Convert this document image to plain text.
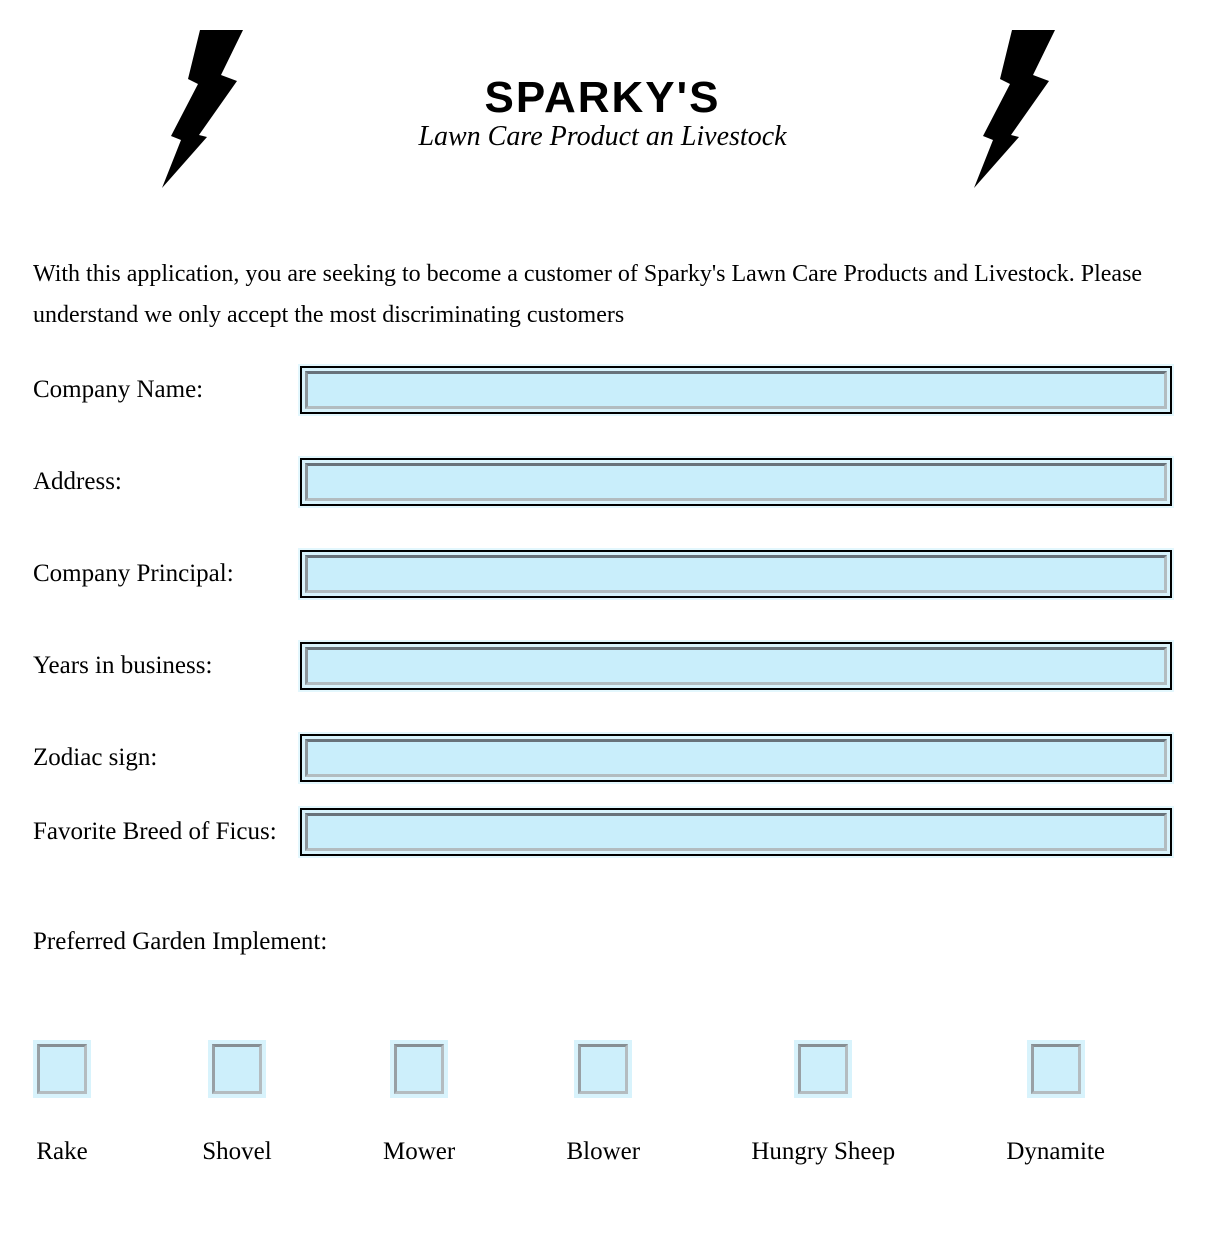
SPARKY'S
Lawn Care Product an Livestock
With this application, you are seeking to become a customer of Sparky's Lawn Care Products and Livestock. Please understand we only accept the most discriminating customers
Company Name:
Address:
Company Principal:
Years in business:
Zodiac sign:
Favorite Breed of Ficus:
Preferred Garden Implement:
Rake	Shovel	Mower	Blower	Hungry Sheep	Dynamite
